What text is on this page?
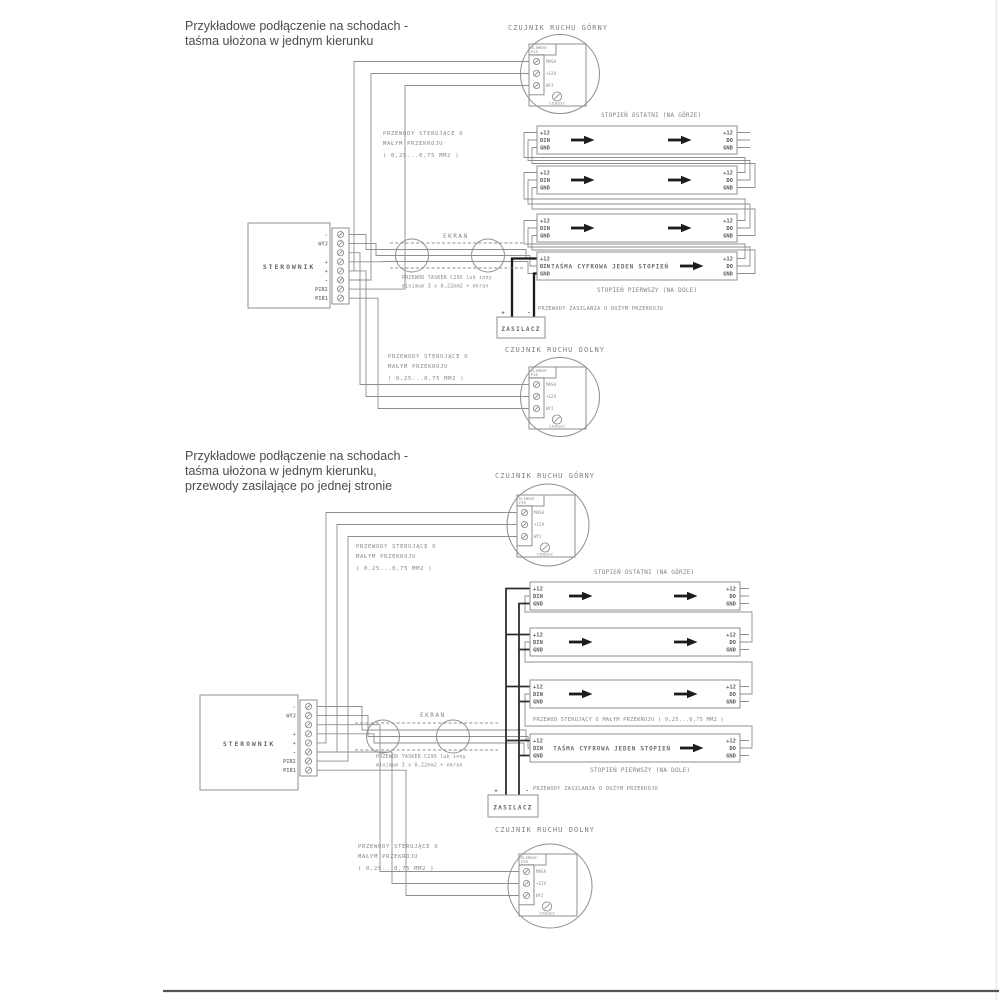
Przykładowe podłączenie na schodach -
taśma ułożona w jednym kierunku
EKRAN
PRZEWÓD TASKER C295 lub inny
minimum 3 x 0,22mm2 + ekran
STEROWNIK
-
WYJ
+
+
-
PIR2
PIR1
CZUJNIK RUCHU GÓRNY
ELEMENT
PIR
MASA
+12V
WYJ
CZUŁOŚĆ
CZUJNIK RUCHU DOLNY
ELEMENT
PIR
MASA
+12V
WYJ
CZUŁOŚĆ
STOPIEŃ OSTATNI (NA GÓRZE)
+12
DIN
GND
+12
DO
GND
+12
DIN
GND
+12
DO
GND
+12
DIN
GND
+12
DO
GND
+12
DIN
GND
+12
DO
GND
TAŚMA CYFROWA JEDEN STOPIEŃ
STOPIEŃ PIERWSZY (NA DOLE)
ZASILACZ
+	-
PRZEWODY ZASILANIA O DUŻYM PRZEKROJU
PRZEWODY STERUJĄCE O
MAŁYM PRZEKROJU
( 0,25...0,75 MM2 )
PRZEWODY STERUJĄCE O
MAŁYM PRZEKROJU
( 0,25...0,75 MM2 )
Przykładowe podłączenie na schodach -
taśma ułożona w jednym kierunku,
przewody zasilające po jednej stronie
EKRAN
PRZEWÓD TASKER C295 lub inny
minimum 3 x 0,22mm2 + ekran
STEROWNIK
-
WYJ
+
+
-
PIR2
PIR1
CZUJNIK RUCHU GÓRNY
ELEMENT
PIR
MASA
+12V
WYJ
CZUŁOŚĆ
CZUJNIK RUCHU DOLNY
ELEMENT
PIR
MASA
+12V
WYJ
CZUŁOŚĆ
STOPIEŃ OSTATNI (NA GÓRZE)
+12
DIN
GND
+12
DO
GND
+12
DIN
GND
+12
DO
GND
+12
DIN
GND
+12
DO
GND
PRZEWOD STERUJĄCY O MAŁYM PRZEKROJU ( 0,25...0,75 MM2 )
+12
DIN
GND
+12
DO
GND
TAŚMA CYFROWA JEDEN STOPIEŃ
STOPIEŃ PIERWSZY (NA DOLE)
ZASILACZ
+	- PRZEWODY ZASILANIA O DUŻYM PRZEKROJU
PRZEWODY STERUJĄCE O
MAŁYM PRZEKROJU
( 0,25...0,75 MM2 )
PRZEWODY STERUJĄCE O
MAŁYM PRZEKROJU
( 0,25...0,75 MM2 )
